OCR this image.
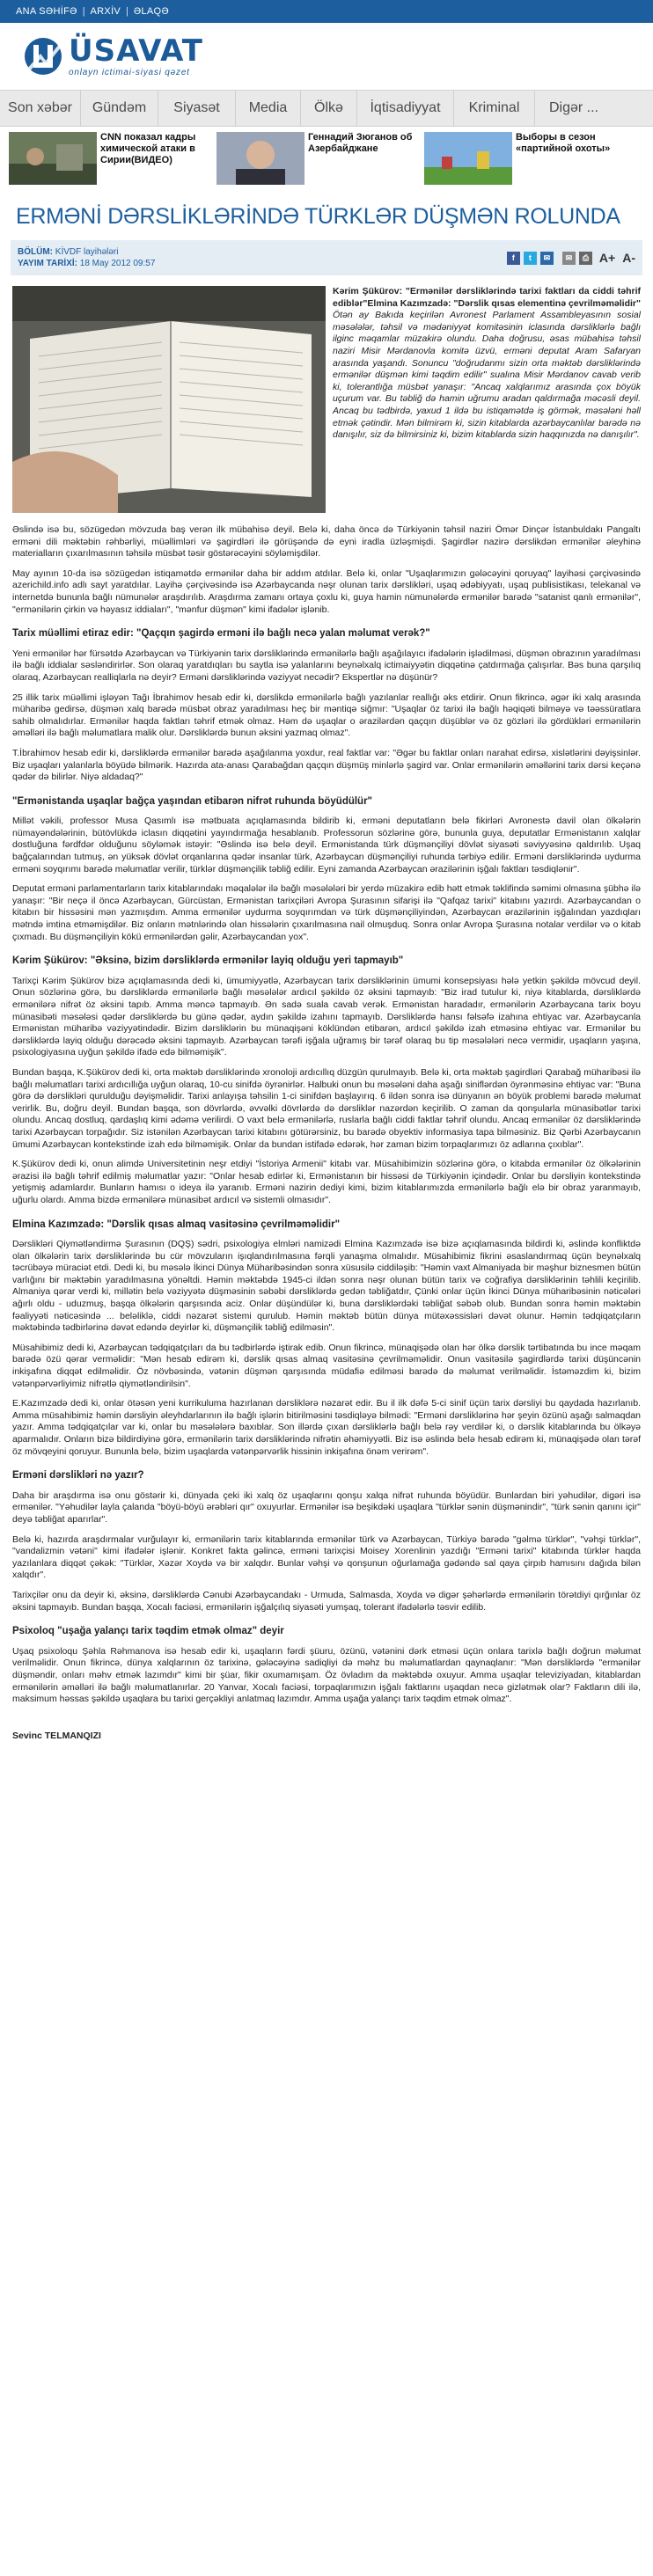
ANA SƏHİFƏ | ARXİV | ƏLAQƏ
ÜSAVAT
onlayn ictimai-siyasi qəzet
Son xəbər	Gündəm	Siyasət	Media	Ölkə	İqtisadiyyat	Kriminal	Digər ...
CNN показал кадры химической атаки в Сирии(ВИДЕО)
Геннадий Зюганов об Азербайджане
Выборы в сезон «партийной охоты»
ERMƏNİ DƏRSLİKLƏRİNDƏ TÜRKLƏR DÜŞMƏN ROLUNDA
BÖLÜM: KİVDF layihələri
YAYIM TARİXİ: 18 May 2012 09:57
f	t	✉	✉	⎙ A+ A-
Kərim Şükürov: "Ermənilər dərsliklərində tarixi faktları da ciddi təhrif ediblər"Elmina Kazımzadə: "Dərslik qısas elementinə çevrilməməlidir" Ötən ay Bakıda keçirilən Avronest Parlament Assambleyasının sosial məsələlər, təhsil və mədəniyyət komitəsinin iclasında dərsliklərlə bağlı ilginc məqamlar müzakirə olundu. Daha doğrusu, əsas mübahisə təhsil naziri Misir Mərdanovla komitə üzvü, erməni deputat Aram Safaryan arasında yaşandı. Sonuncu "doğrudanmı sizin orta məktəb dərsliklərində ermənilər düşmən kimi təqdim edilir" sualına Misir Mərdanov cavab verib ki, tolerantlığa müsbət yanaşır: "Ancaq xalqlarımız arasında çox böyük uçurum var. Bu təbliğ də hamin uğrumu aradan qaldırmağa məcəsli deyil. Ancaq bu tədbirdə, yaxud 1 ildə bu istiqamətdə iş görmək, məsələni həll etmək çətindir. Mən bilmirəm ki, sizin kitablarda azərbaycanlılar barədə nə danışılır, siz də bilmirsiniz ki, bizim kitablarda sizin haqqınızda nə danışılır".

Əslində isə bu, sözügedən mövzuda baş verən ilk mübahisə deyil. Belə ki, daha öncə də Türkiyənin təhsil naziri Ömər Dinçər İstanbuldakı Pangaltı erməni dili məktəbin rəhbərliyi, müəllimləri və şagirdləri ilə görüşəndə də eyni iradla üzləşmişdi. Şagirdlər nazirə dərslikdən ermənilər əleyhinə materialların çıxarılmasının təhsilə müsbət təsir göstərəcəyini söyləmişdilər.

May ayının 10-da isə sözügedən istiqamətdə ermənilər daha bir addım atdılar. Belə ki, onlar "Uşaqlarımızın gələcəyini qoruyaq" layihəsi çərçivəsində azerichild.info adlı sayt yaratdılar. Layihə çərçivəsində isə Azərbaycanda nəşr olunan tarix dərslikləri, uşaq ədəbiyyatı, uşaq publisistikası, telekanal və internetdə bununla bağlı nümunələr araşdırılıb. Araşdırma zamanı ortaya çoxlu ki, guya hamin nümunələrdə ermənilər barədə "satanist qanlı ermənilər", "ermənilərin çirkin və həyasız iddiaları", "mənfur düşmən" kimi ifadələr işlənib.

Tarix müəllimi etiraz edir: "Qaçqın şagirdə erməni ilə bağlı necə yalan məlumat verək?"

Yeni ermənilər hər fürsətdə Azərbaycan və Türkiyənin tarix dərsliklərində ermənilərlə bağlı aşağılayıcı ifadələrin işlədilməsi, düşmən obrazının yaradılması ilə bağlı iddialar səsləndirirlər. Son olaraq yaratdıqları bu saytla isə yalanlarını beynəlxalq ictimaiyyətin diqqətinə çatdırmağa çalışırlar. Bəs buna qarşılıq olaraq, Azərbaycan realliqlarla nə deyir? Erməni dərsliklərində vəziyyət necədir? Ekspertlər nə düşünür?

25 illik tarix müəllimi işləyən Tağı İbrahimov hesab edir ki, dərslikdə ermənilərlə bağlı yazılanlar reallığı əks etdirir. Onun fikrincə, əgər iki xalq arasında müharibə gedirsə, düşmən xalq barədə müsbət obraz yaradılması heç bir məntiqə siğmır: "Uşaqlar öz tarixi ilə bağlı həqiqəti bilməyə və təəssüratlara sahib olmalıdırlar. Ermənilər haqda faktları təhrif etmək olmaz. Həm də uşaqlar o ərazilərdən qaçqın düşüblər və öz gözləri ilə gördükləri ermənilərin əməlləri ilə bağlı məlumatlara malik olur. Dərsliklərdə bunun əksini yazmaq olmaz".

T.İbrahimov hesab edir ki, dərsliklərdə ermənilər barədə aşağılanma yoxdur, real faktlar var: "Əgər bu faktlar onları narahat edirsə, xislətlərini dəyişsinlər. Biz uşaqları yalanlarla böyüdə bilmərik. Hazırda ata-anası Qarabağdan qaçqın düşmüş minlərlə şagird var. Onlar ermənilərin əməllərini tarix dərsi keçənə qədər də bilirlər. Niyə aldadaq?"

"Ermənistanda uşaqlar bağça yaşından etibarən nifrət ruhunda böyüdülür"

Millət vəkili, professor Musa Qasımlı isə mətbuata açıqlamasında bildirib ki, erməni deputatların belə fikirləri Avronestə davil olan ölkələrin nümayəndələrinin, bütövlükdə iclasın diqqətini yayındırmağa hesablanıb. Professorun sözlərinə görə, bununla guya, deputatlar Ermənistanın xalqlar dostluğuna fərdfdər olduğunu söyləmək istəyir: "Əslində isə belə deyil. Ermənistanda türk düşmənçiliyi dövlət siyasəti səviyyəsinə qaldırılıb. Uşaq bağçalarından tutmuş, ən yüksək dövlət orqanlarına qədər insanlar türk, Azərbaycan düşmənçiliyi ruhunda tərbiyə edilir. Erməni dərsliklərində uydurma erməni soyqırımı barədə məlumatlar verilir, türklər düşmənçilik təbliğ edilir. Eyni zamanda Azərbaycan ərazilərinin işğalı faktları təsdiqlənir".

Deputat erməni parlamentarların tarix kitablarındakı məqalələr ilə bağlı məsələləri bir yerdə müzakirə edib hətt etmək təklifində səmimi olmasına şübhə ilə yanaşır: "Bir neçə il öncə Azərbaycan, Gürcüstan, Ermənistan tarixçiləri Avropa Şurasının sifarişi ilə "Qafqaz tarixi" kitabını yazırdı. Azərbaycandan o kitabın bir hissəsini mən yazmışdım. Amma ermənilər uydurma soyqırımdan və türk düşmənçiliyindən, Azərbaycan ərazilərinin işğalından yazdıqları mətndə imtina etməmişdilər. Biz onların mətnlərində olan hissələrin çıxarılmasına nail olmuşduq. Sonra onlar Avropa Şurasına notalar verdilər və o kitab çıxmadı. Bu düşmənçiliyin kökü ermənilərdən gəlir, Azərbaycandan yox".

Kərim Şükürov: "Əksinə, bizim dərsliklərdə ermənilər layiq olduğu yeri tapmayıb"

Tarixçi Kərim Şükürov bizə açıqlamasında dedi ki, ümumiyyətlə, Azərbaycan tarix dərsliklərinin ümumi konsepsiyası hələ yetkin şəkildə mövcud deyil. Onun sözlərinə görə, bu dərsliklərdə ermənilərlə bağlı məsələlər ardıcıl şəkildə öz əksini tapmayıb: "Biz irad tutulur ki, niyə kitablarda, dərsliklərdə ermənilərə nifrət öz əksini tapıb. Amma məncə tapmayıb. Ən sadə suala cavab verək. Ermənistan haradadır, ermənilərin Azərbaycana tarix boyu münasibəti məsələsi qədər dərsliklərdə bu günə qədər, aydın şəkildə izahını tapmayıb. Dərsliklərdə hansı fəlsəfə izahına ehtiyac var. Azərbaycanla Ermənistan müharibə vəziyyətindədir. Bizim dərsliklərin bu münaqişəni köklündən etibarən, ardıcıl şəkildə izah etməsinə ehtiyac var. Ermənilər bu dərsliklərdə layiq olduğu dərəcədə əksini tapmayıb. Azərbaycan tərəfi işğala uğramış bir tərəf olaraq bu tip məsələləri necə vermidir, uşaqların yaşına, psixologiyasına uyğun şəkildə ifadə edə bilməmişik".

Bundan başqa, K.Şükürov dedi ki, orta məktəb dərsliklərində xronoloji ardıcıllıq düzgün qurulmayıb. Belə ki, orta məktəb şagirdləri Qarabağ müharibəsi ilə bağlı məlumatları tarixi ardıcıllığa uyğun olaraq, 10-cu sinifdə öyrənirlər. Halbuki onun bu məsələni daha aşağı siniflərdən öyrənməsinə ehtiyac var: "Buna görə də dərslikləri qurulduğu dəyişməlidir. Tarixi anlayışa təhsilin 1-ci sinifdən başlayırıq. 6 ildən sonra isə dünyanın ən böyük problemi barədə məlumat verirlik. Bu, doğru deyil. Bundan başqa, son dövrlərdə, əvvəlki dövrlərdə də dərsliklər nazərdən keçirilib. O zaman da qonşularla münasibətlər tarixi olundu. Ancaq dostluq, qardaşlıq kimi ədəmə verilirdi. O vaxt belə ermənilərlə, ruslarla bağlı ciddi faktlar təhrif olundu. Ancaq ermənilər öz dərsliklərində tarixi Azərbaycan torpağıdır. Siz istənilən Azərbaycan tarixi kitabını götürərsiniz, bu barədə obyektiv informasiya tapa bilməsiniz. Biz Qərbi Azərbaycanın ümumi Azərbaycan kontekstinde izah edə bilməmişik. Onlar da bundan istifadə edərək, hər zaman bizim torpaqlarımızı öz adlarına çıxıblar".

K.Şükürov dedi ki, onun alimdə Universitetinin neşr etdiyi "İstoriya Armenii" kitabı var. Müsahibimizin sözlərinə görə, o kitabda ermənilər öz ölkələrinin ərazisi ilə bağlı təhrif edilmiş məlumatlar yazır: "Onlar hesab edirlər ki, Ermənistanın bir hissəsi də Türkiyənin içindədir. Onlar bu dərsliyin kontekstində yetişmiş adamlardır. Bunların hamısı o ideya ilə yaranıb. Erməni nazirin dediyi kimi, bizim kitablarımızda ermənilərlə bağlı elə bir obraz yaranmayıb, uğurlu olardı. Amma bizdə ermənilərə münasibət ardıcıl və sistemli olmasıdır".

Elmina Kazımzadə: "Dərslik qısas almaq vasitəsinə çevrilməməlidir"

Dərslikləri Qiymətləndirmə Şurasının (DQŞ) sədri, psixologiya elmləri namizədi Elmina Kazımzadə isə bizə açıqlamasında bildirdi ki, əslində konfliktdə olan ölkələrin tarix dərsliklərində bu cür mövzuların işıqlandırılmasına fərqli yanaşma olmalıdır. Müsahibimiz fikrini əsaslandırmaq üçün beynəlxalq təcrübəyə müraciət etdi. Dedi ki, bu məsələ İkinci Dünya Müharibəsindən sonra xüsusilə ciddiləşib: "Həmin vaxt Almaniyada bir məşhur biznesmen bütün varlığını bir məktəbin yaradılmasına yönəltdi. Həmin məktəbdə 1945-ci ildən sonra nəşr olunan bütün tarix və coğrafiya dərsliklərinin təhlili keçirilib. Almaniya qərar verdi ki, millətin belə vəziyyətə düşməsinin səbəbi dərsliklərdə gedən təbliğatdır, Çünki onlar üçün İkinci Dünya müharibəsinin nəticələri ağırlı oldu - uduzmuş, başqa ölkələrin qarşısında aciz. Onlar düşündülər ki, buna dərsliklərdəki təbliğat səbəb olub. Bundan sonra həmin məktəbin fəaliyyəti nəticəsində ... beləliklə, ciddi nəzarət sistemi qurulub. Həmin məktəb bütün dünya mütəxəssisləri dəvət olunur. Həmin tədqiqatçıların məktəbində tədbirlərinə dəvət edəndə deyirlər ki, düşmənçilik təbliğ edilməsin".

Müsahibimiz dedi ki, Azərbaycan tədqiqatçıları da bu tədbirlərdə iştirak edib. Onun fikrincə, münaqişədə olan hər ölkə dərslik tərtibatında bu ince məqam barədə özü qərar verməlidir: "Mən hesab edirəm ki, dərslik qısas almaq vasitəsinə çevrilməməlidir. Onun vasitəsilə şagirdlərdə tarixi düşüncənin inkişafına diqqət edilməlidir. Öz növbəsində, vətənin düşmən qarşısında müdafiə edilməsi barədə də məlumat verilməlidir. İstəməzdim ki, bizim vətənpərvərliyimiz nifrətlə qiymətləndirilsin".

E.Kazımzadə dedi ki, onlar ötəsən yeni kurrikuluma hazırlanan dərsliklərə nəzarət edir. Bu il ilk dəfə 5-ci sinif üçün tarix dərsliyi bu qaydada hazırlanıb. Amma müsahibimiz həmin dərsliyin əleyhdarlarının ilə bağlı işlərin bitirilməsini təsdiqləyə bilmədi: "Erməni dərsliklərinə hər şeyin özünü aşağı salmaqdan yazır. Amma tədqiqatçılar var ki, onlar bu məsələlərə baxıblar. Son illərdə çıxan dərsliklərlə bağlı belə rəy verdilər ki, o dərslik kitablarında bu ölkəyə aparmalıdır. Onların bizə bildirdiyinə görə, ermənilərin tarix dərsliklərində nifrətin əhəmiyyətli. Biz isə əslində belə hesab edirəm ki, münaqişədə olan tərəf öz mövqeyini qoruyur. Bununla belə, bizim uşaqlarda vətənpərvərlik hissinin inkişafına önəm verirəm".

Erməni dərslikləri nə yazır?

Daha bir araşdırma isə onu göstərir ki, dünyada çeki iki xalq öz uşaqlarını qonşu xalqa nifrət ruhunda böyüdür. Bunlardan biri yəhudilər, digəri isə ermənilər. "Yəhudilər layla çalanda "böyü-böyü ərəbləri qır" oxuyurlar. Ermənilər isə beşikdəki uşaqlara "türklər sənin düşmənindir", "türk sənin qanını içir" deyə təbliğat aparırlar".

Belə ki, hazırda araşdırmalar vurğulayır ki, ermənilərin tarix kitablarında ermənilər türk və Azərbaycan, Türkiyə barədə "gəlmə türklər", "vəhşi türklər", "vandalizmin vətəni" kimi ifadələr işlənir. Konkret fakta gəlincə, erməni tarixçisi Moisey Xorenlinin yazdığı "Erməni tarixi" kitabında türklər haqda yazılanlara diqqət çəkək: "Türklər, Xəzər Xoydə və bir xalqdır. Bunlar vəhşi və qonşunun oğurlamağa gədəndə sal qaya çirpıb hamısını dağıda bilən xalqdır".

Tarixçilər onu da deyir ki, əksinə, dərsliklərdə Cənubi Azərbaycandakı - Urmuda, Salmasda, Xoyda və digər şəhərlərdə ermənilərin törətdiyi qırğınlar öz əksini tapmayıb. Bundan başqa, Xocalı faciəsi, ermənilərin işğalçılıq siyasəti yumşaq, tolerant ifadələrlə təsvir edilib.

Psixoloq "uşağa yalançı tarix təqdim etmək olmaz" deyir

Uşaq psixoloqu Şəhla Rəhmanova isə hesab edir ki, uşaqların fərdi şüuru, özünü, vətənini dərk etməsi üçün onlara tarixlə bağlı doğrun məlumat verilməlidir. Onun fikrincə, dünya xalqlarının öz tarixinə, gələcəyinə sadiqliyi də məhz bu məlumatlardan qaynaqlanır: "Mən dərsliklərdə "ermənilər düşməndir, onları məhv etmək lazımdır" kimi bir şüar, fikir oxumamışam. Öz övladım da məktəbdə oxuyur. Amma uşaqlar televiziyadan, kitablardan ermənilərin əməlləri ilə bağlı məlumatlanırlar. 20 Yanvar, Xocalı faciəsi, torpaqlarımızın işğalı faktlarını uşaqdan necə gizlətmək olar? Faktların dili ilə, maksimum həssas şəkildə uşaqlara bu tarixi gerçəkliyi anlatmaq lazımdır. Amma uşağa yalançı tarix təqdim etmək olmaz".

Sevinc TELMANQIZI
